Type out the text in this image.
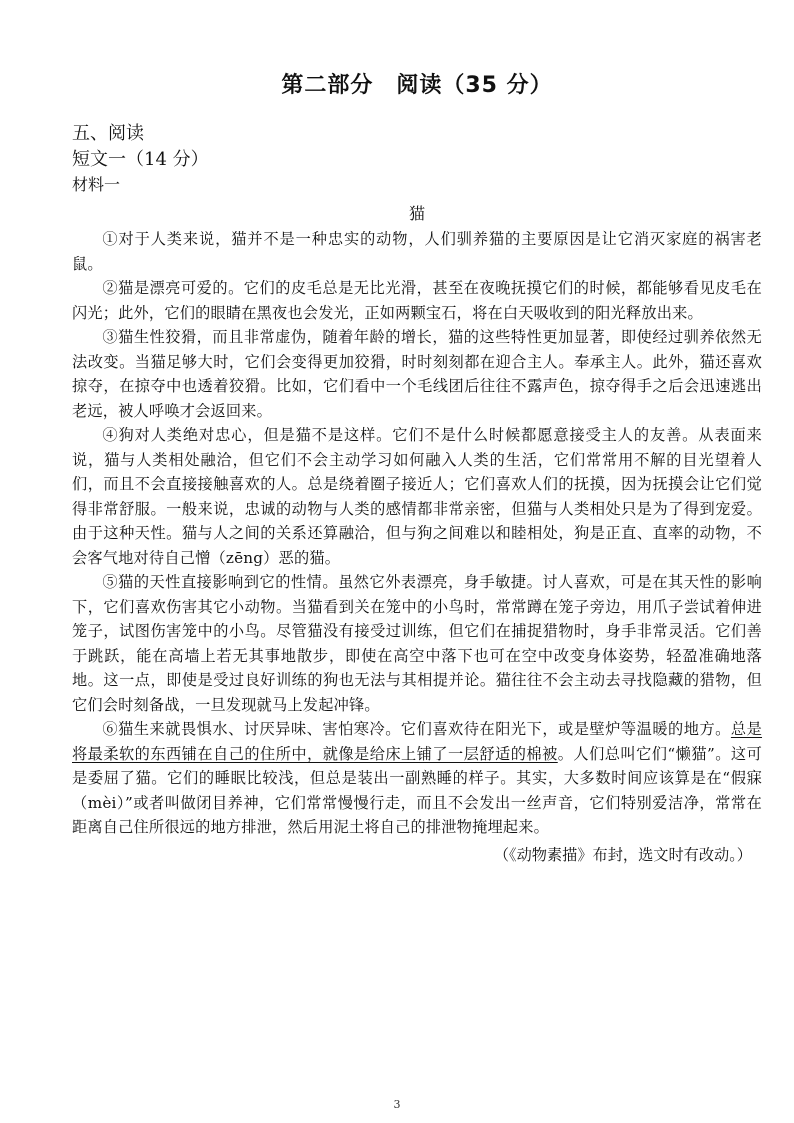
第二部分　阅读（35 分）

五、阅读

短文一（14 分）

材料一

猫

①对于人类来说，猫并不是一种忠实的动物，人们驯养猫的主要原因是让它消灭家庭的祸害老鼠。

②猫是漂亮可爱的。它们的皮毛总是无比光滑，甚至在夜晚抚摸它们的时候，都能够看见皮毛在闪光；此外，它们的眼睛在黑夜也会发光，正如两颗宝石，将在白天吸收到的阳光释放出来。

③猫生性狡猾，而且非常虚伪，随着年龄的增长，猫的这些特性更加显著，即使经过驯养依然无法改变。当猫足够大时，它们会变得更加狡猾，时时刻刻都在迎合主人。奉承主人。此外，猫还喜欢掠夺，在掠夺中也透着狡猾。比如，它们看中一个毛线团后往往不露声色，掠夺得手之后会迅速逃出老远，被人呼唤才会返回来。

④狗对人类绝对忠心，但是猫不是这样。它们不是什么时候都愿意接受主人的友善。从表面来说，猫与人类相处融洽，但它们不会主动学习如何融入人类的生活，它们常常用不解的目光望着人们，而且不会直接接触喜欢的人。总是绕着圈子接近人；它们喜欢人们的抚摸，因为抚摸会让它们觉得非常舒服。一般来说，忠诚的动物与人类的感情都非常亲密，但猫与人类相处只是为了得到宠爱。由于这种天性。猫与人之间的关系还算融洽，但与狗之间难以和睦相处，狗是正直、直率的动物，不会客气地对待自己憎（zēng）恶的猫。

⑤猫的天性直接影响到它的性情。虽然它外表漂亮，身手敏捷。讨人喜欢，可是在其天性的影响下，它们喜欢伤害其它小动物。当猫看到关在笼中的小鸟时，常常蹲在笼子旁边，用爪子尝试着伸进笼子，试图伤害笼中的小鸟。尽管猫没有接受过训练，但它们在捕捉猎物时，身手非常灵活。它们善于跳跃，能在高墙上若无其事地散步，即使在高空中落下也可在空中改变身体姿势，轻盈准确地落地。这一点，即使是受过良好训练的狗也无法与其相提并论。猫往往不会主动去寻找隐藏的猎物，但它们会时刻备战，一旦发现就马上发起冲锋。

⑥猫生来就畏惧水、讨厌异味、害怕寒冷。它们喜欢待在阳光下，或是壁炉等温暖的地方。总是将最柔软的东西铺在自己的住所中，就像是给床上铺了一层舒适的棉被。人们总叫它们“懒猫”。这可是委屈了猫。它们的睡眠比较浅，但总是装出一副熟睡的样子。其实，大多数时间应该算是在“假寐（mèi）”或者叫做闭目养神，它们常常慢慢行走，而且不会发出一丝声音，它们特别爱洁净，常常在距离自己住所很远的地方排泄，然后用泥土将自己的排泄物掩埋起来。

（《动物素描》布封，选文时有改动。）

3
